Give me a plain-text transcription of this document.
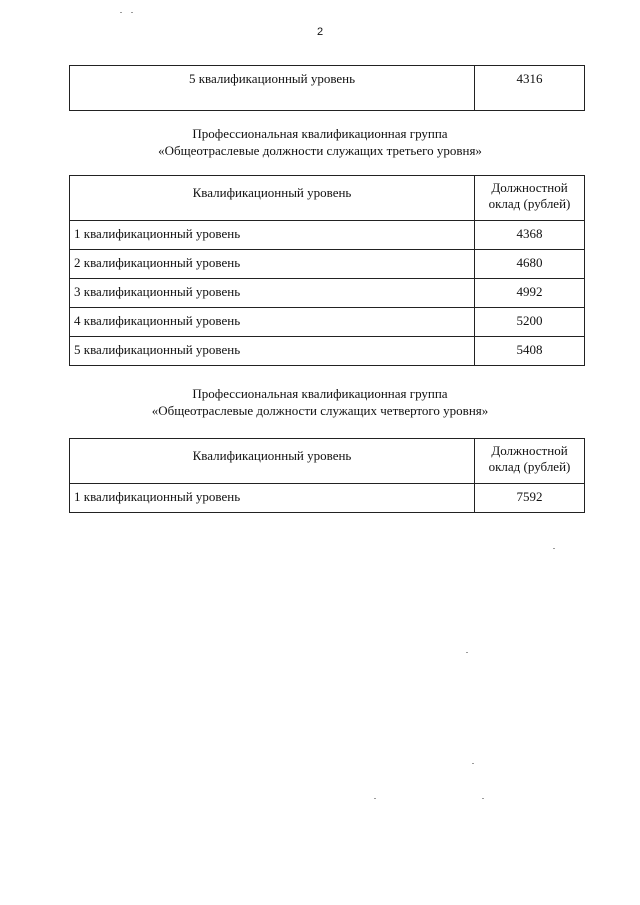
2
5 квалификационный уровень	4316
Профессиональная квалификационная группа
«Общеотраслевые должности служащих третьего уровня»
Квалификационный уровень	Должностной
оклад (рублей)

1 квалификационный уровень	4368
2 квалификационный уровень	4680
3 квалификационный уровень	4992
4 квалификационный уровень	5200
5 квалификационный уровень	5408
Профессиональная квалификационная группа
«Общеотраслевые должности служащих четвертого уровня»
Квалификационный уровень	Должностной
оклад (рублей)

1 квалификационный уровень	7592
